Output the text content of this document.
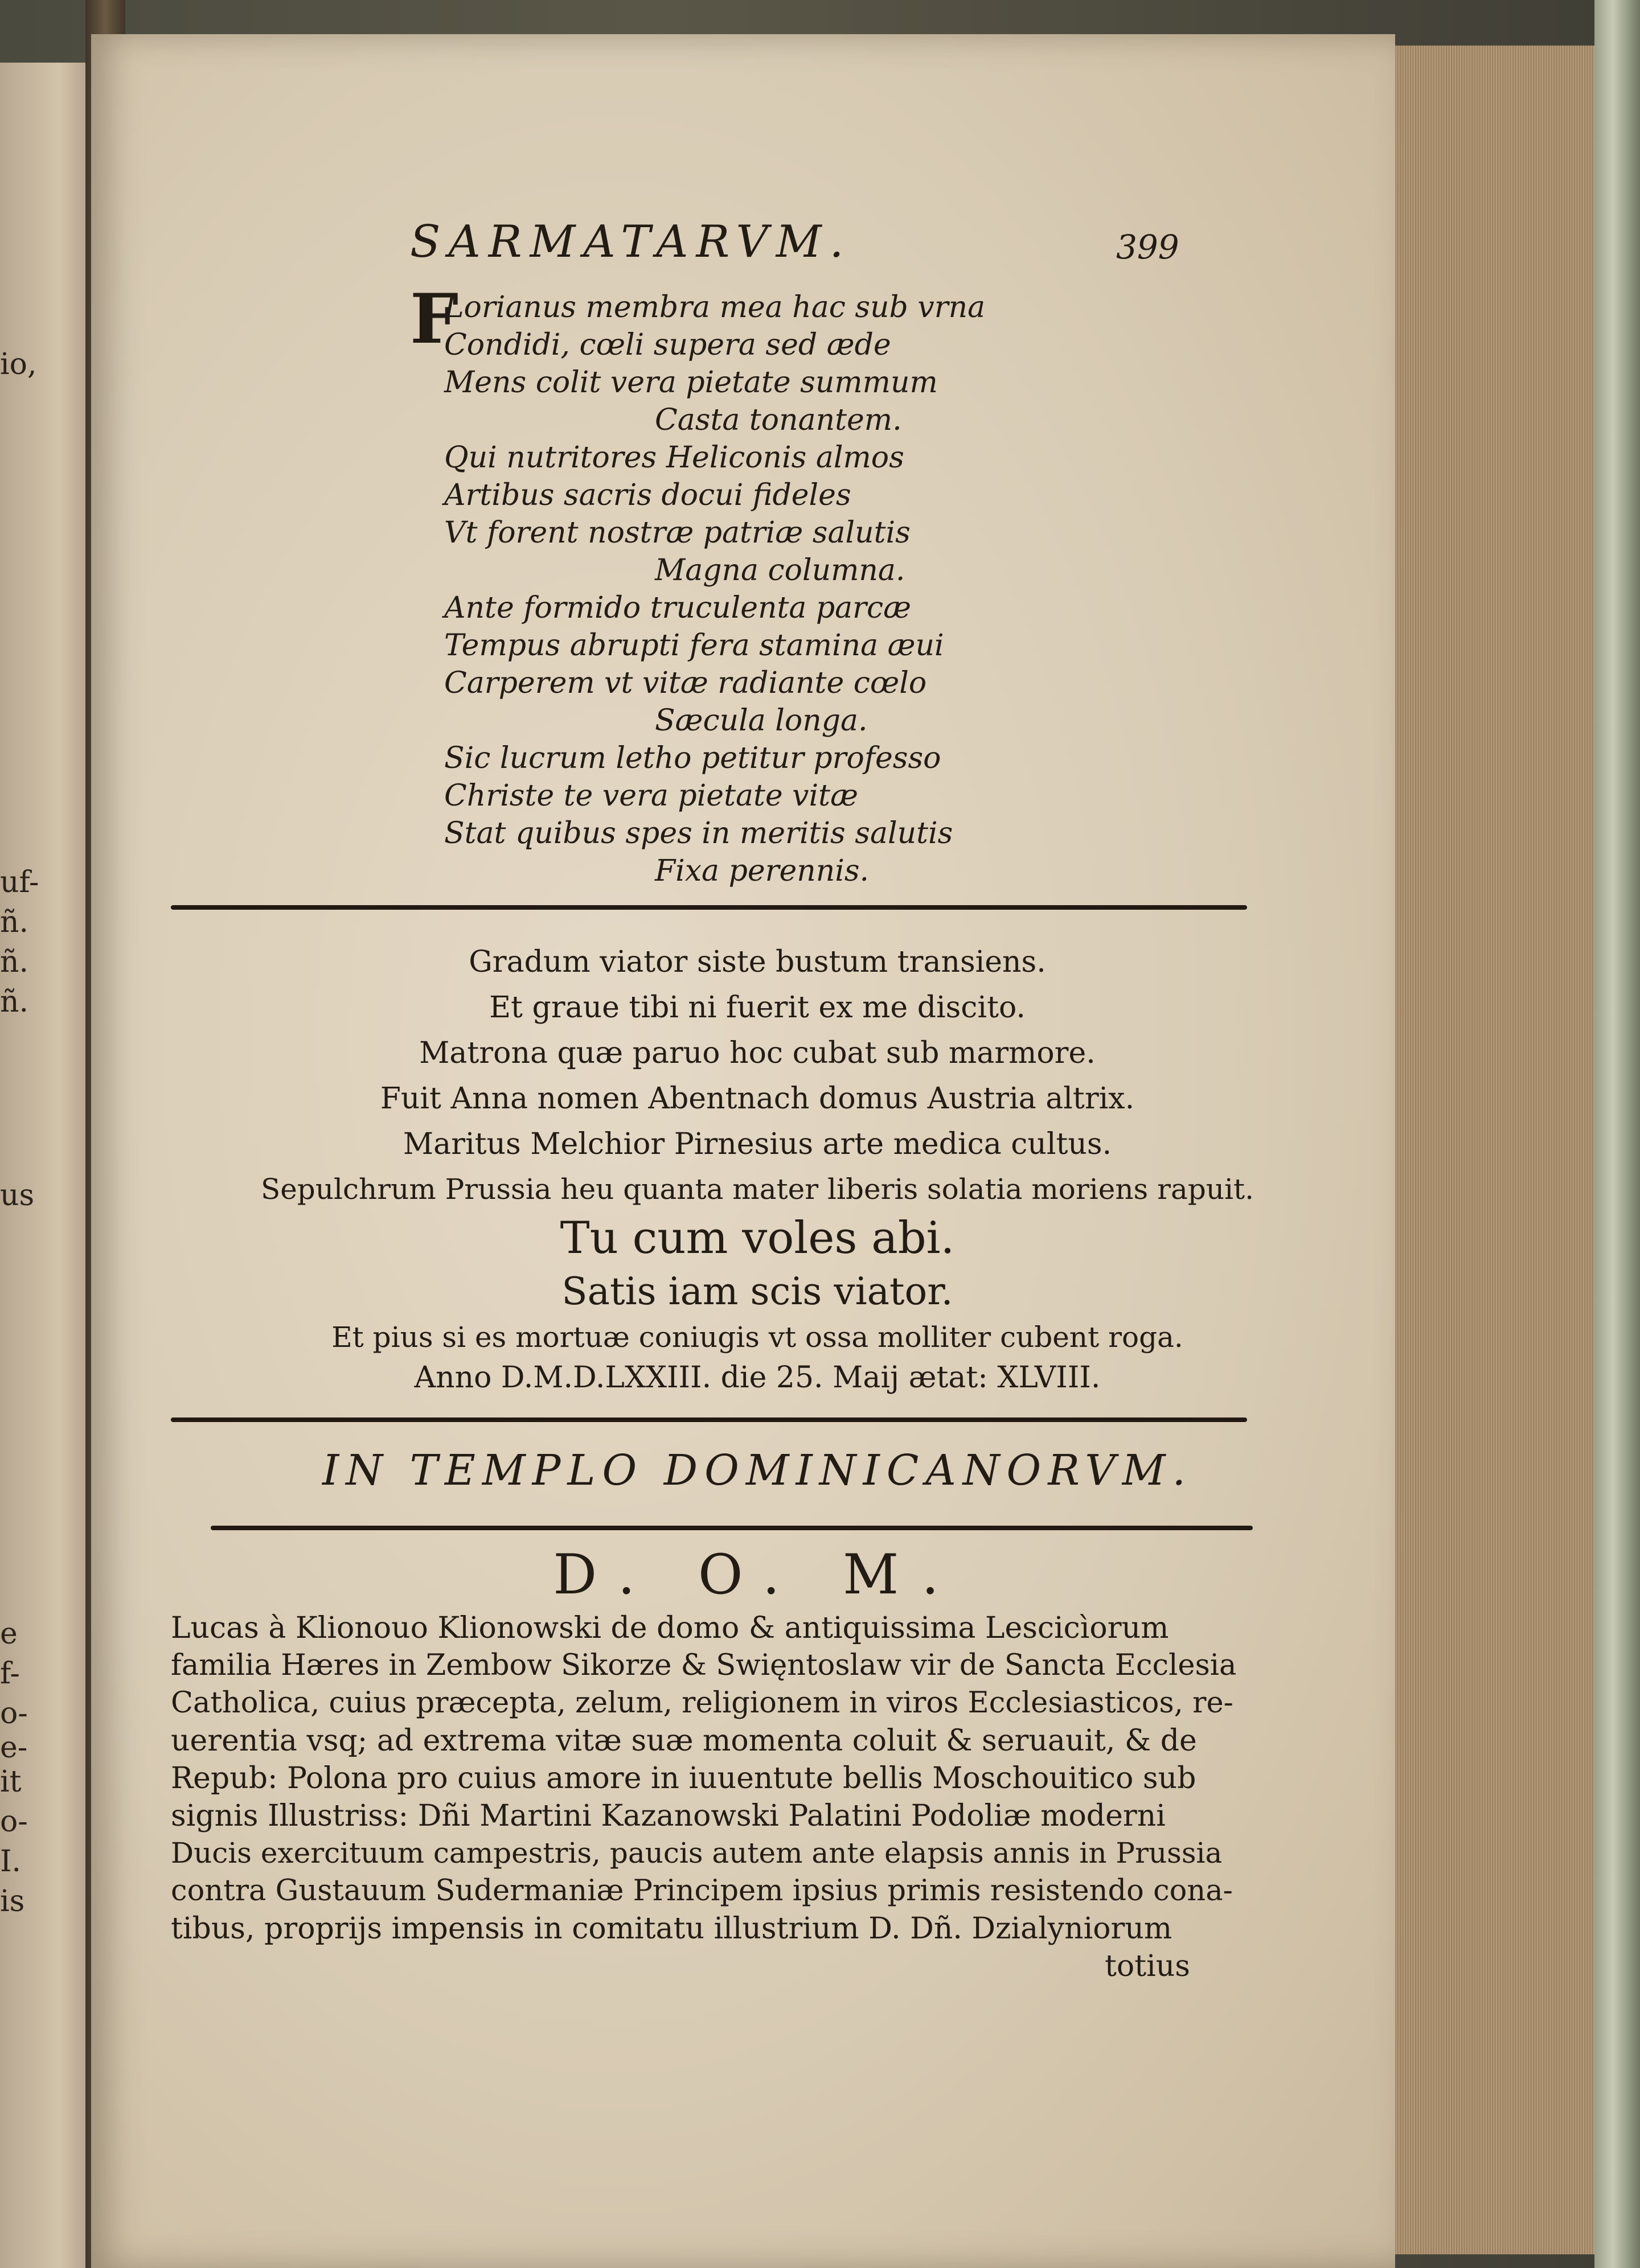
io,
uf-
ñ.
ñ.
ñ.
us
e
f-
o-
e-
it
o-
I.
is
SARMATARVM.	399
F
Lorianus membra mea hac sub vrna
Condidi, cœli supera sed æde
Mens colit vera pietate summum
Casta tonantem.
Qui nutritores Heliconis almos
Artibus sacris docui fideles
Vt forent nostræ patriæ salutis
Magna columna.
Ante formido truculenta parcæ
Tempus abrupti fera stamina æui
Carperem vt vitæ radiante cœlo
Sæcula longa.
Sic lucrum letho petitur professo
Christe te vera pietate vitæ
Stat quibus spes in meritis salutis
Fixa perennis.
Gradum viator siste bustum transiens.
Et graue tibi ni fuerit ex me discito.
Matrona quæ paruo hoc cubat sub marmore.
Fuit Anna nomen Abentnach domus Austria altrix.
Maritus Melchior Pirnesius arte medica cultus.
Sepulchrum Prussia heu quanta mater liberis solatia moriens rapuit.
Tu cum voles abi.
Satis iam scis viator.
Et pius si es mortuæ coniugis vt ossa molliter cubent roga.
Anno D.M.D.LXXIII. die 25. Maij ætat: XLVIII.
IN TEMPLO DOMINICANORVM.
D. O. M.
Lucas à Klionouo Klionowski de domo & antiquissima Lescicìorum
familia Hæres in Zembow Sikorze & Swięntoslaw vir de Sancta Ecclesia
Catholica, cuius præcepta, zelum, religionem in viros Ecclesiasticos, re-
uerentia vsq; ad extrema vitæ suæ momenta coluit & seruauit, & de
Repub: Polona pro cuius amore in iuuentute bellis Moschouitico sub
signis Illustriss: Dñi Martini Kazanowski Palatini Podoliæ moderni
Ducis exercituum campestris, paucis autem ante elapsis annis in Prussia
contra Gustauum Sudermaniæ Principem ipsius primis resistendo cona-
tibus, proprijs impensis in comitatu illustrium D. Dñ. Dzialyniorum
totius
